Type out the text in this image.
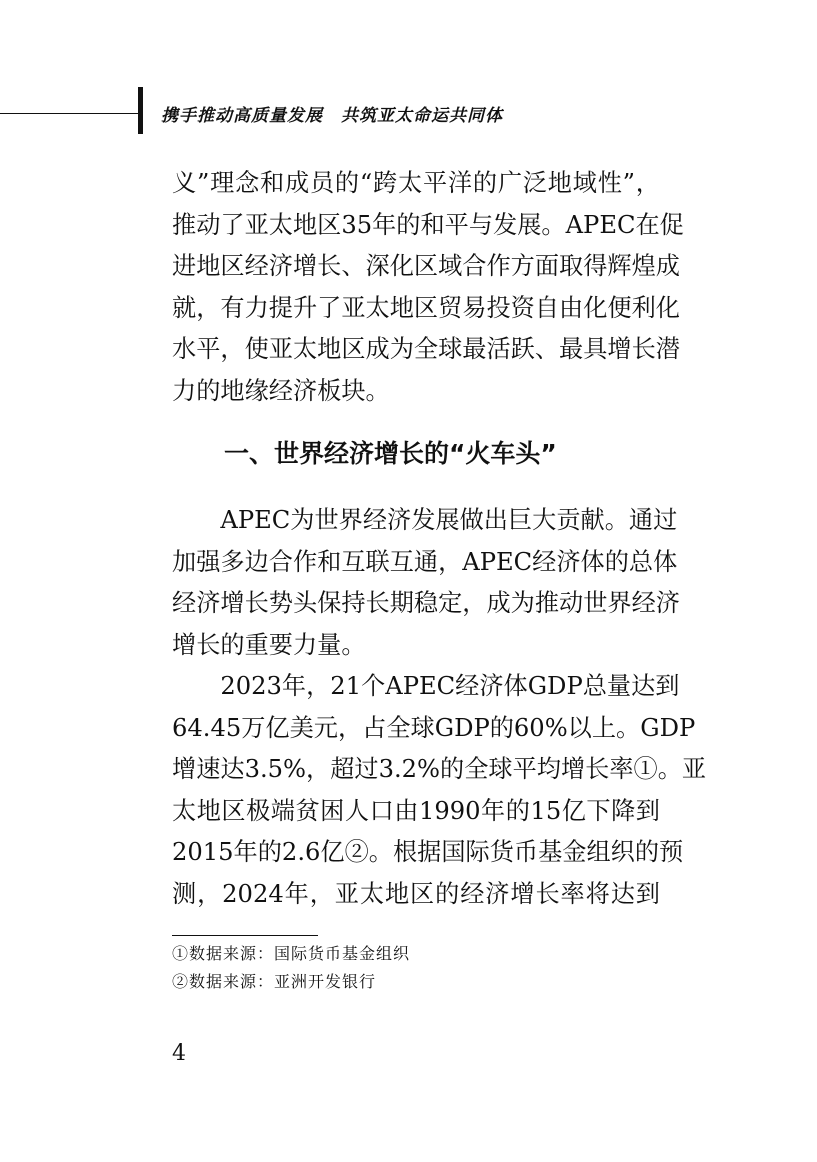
携手推动高质量发展　共筑亚太命运共同体
义”理念和成员的“跨太平洋的广泛地域性”，
推动了亚太地区35年的和平与发展。APEC在促
进地区经济增长、深化区域合作方面取得辉煌成
就，有力提升了亚太地区贸易投资自由化便利化
水平，使亚太地区成为全球最活跃、最具增长潜
力的地缘经济板块。
一、世界经济增长的“火车头”
　　APEC为世界经济发展做出巨大贡献。通过
加强多边合作和互联互通，APEC经济体的总体
经济增长势头保持长期稳定，成为推动世界经济
增长的重要力量。
　　2023年，21个APEC经济体GDP总量达到
64.45万亿美元，占全球GDP的60%以上。GDP
增速达3.5%，超过3.2%的全球平均增长率①。亚
太地区极端贫困人口由1990年的15亿下降到
2015年的2.6亿②。根据国际货币基金组织的预
测，2024年，亚太地区的经济增长率将达到
①数据来源：国际货币基金组织
②数据来源：亚洲开发银行
4
